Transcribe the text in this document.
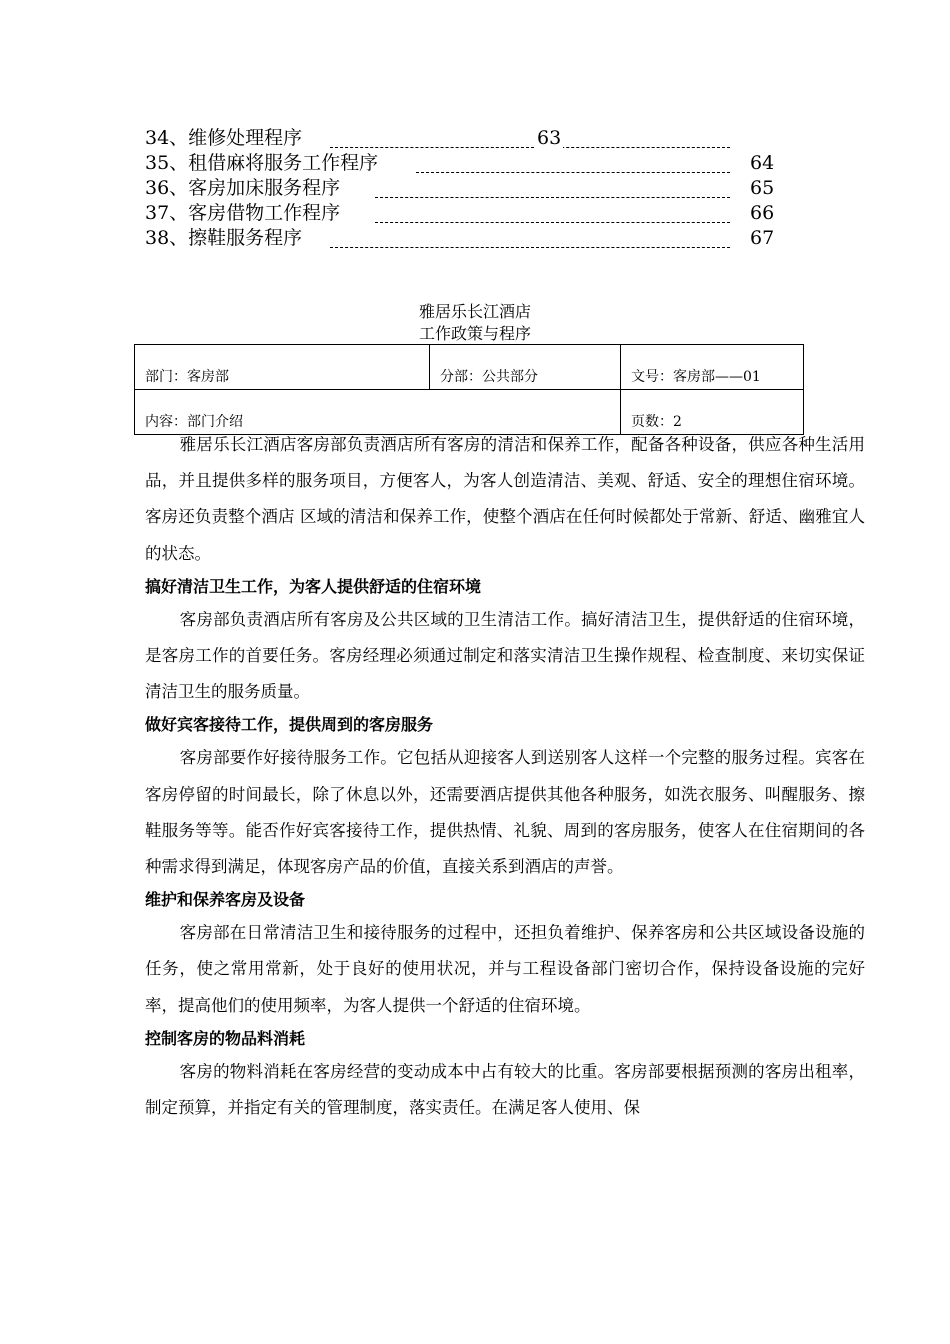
34、维修处理程序	63
35、租借麻将服务工作程序	64
36、客房加床服务程序	65
37、客房借物工作程序	66
38、擦鞋服务程序	67
雅居乐长江酒店
工作政策与程序
部门：客房部	分部：公共部分	文号：客房部——01
内容：部门介绍		页数：2

雅居乐长江酒店客房部负责酒店所有客房的清洁和保养工作，配备各种设备，供应各种生活用品，并且提供多样的服务项目，方便客人，为客人创造清洁、美观、舒适、安全的理想住宿环境。客房还负责整个酒店 区域的清洁和保养工作，使整个酒店在任何时候都处于常新、舒适、幽雅宜人的状态。

搞好清洁卫生工作，为客人提供舒适的住宿环境

客房部负责酒店所有客房及公共区域的卫生清洁工作。搞好清洁卫生，提供舒适的住宿环境，是客房工作的首要任务。客房经理必须通过制定和落实清洁卫生操作规程、检查制度、来切实保证清洁卫生的服务质量。

做好宾客接待工作，提供周到的客房服务

客房部要作好接待服务工作。它包括从迎接客人到送别客人这样一个完整的服务过程。宾客在客房停留的时间最长，除了休息以外，还需要酒店提供其他各种服务，如洗衣服务、叫醒服务、擦鞋服务等等。能否作好宾客接待工作，提供热情、礼貌、周到的客房服务，使客人在住宿期间的各种需求得到满足，体现客房产品的价值，直接关系到酒店的声誉。

维护和保养客房及设备

客房部在日常清洁卫生和接待服务的过程中，还担负着维护、保养客房和公共区域设备设施的任务，使之常用常新，处于良好的使用状况，并与工程设备部门密切合作，保持设备设施的完好率，提高他们的使用频率，为客人提供一个舒适的住宿环境。

控制客房的物品料消耗

客房的物料消耗在客房经营的变动成本中占有较大的比重。客房部要根据预测的客房出租率，制定预算，并指定有关的管理制度，落实责任。在满足客人使用、保
